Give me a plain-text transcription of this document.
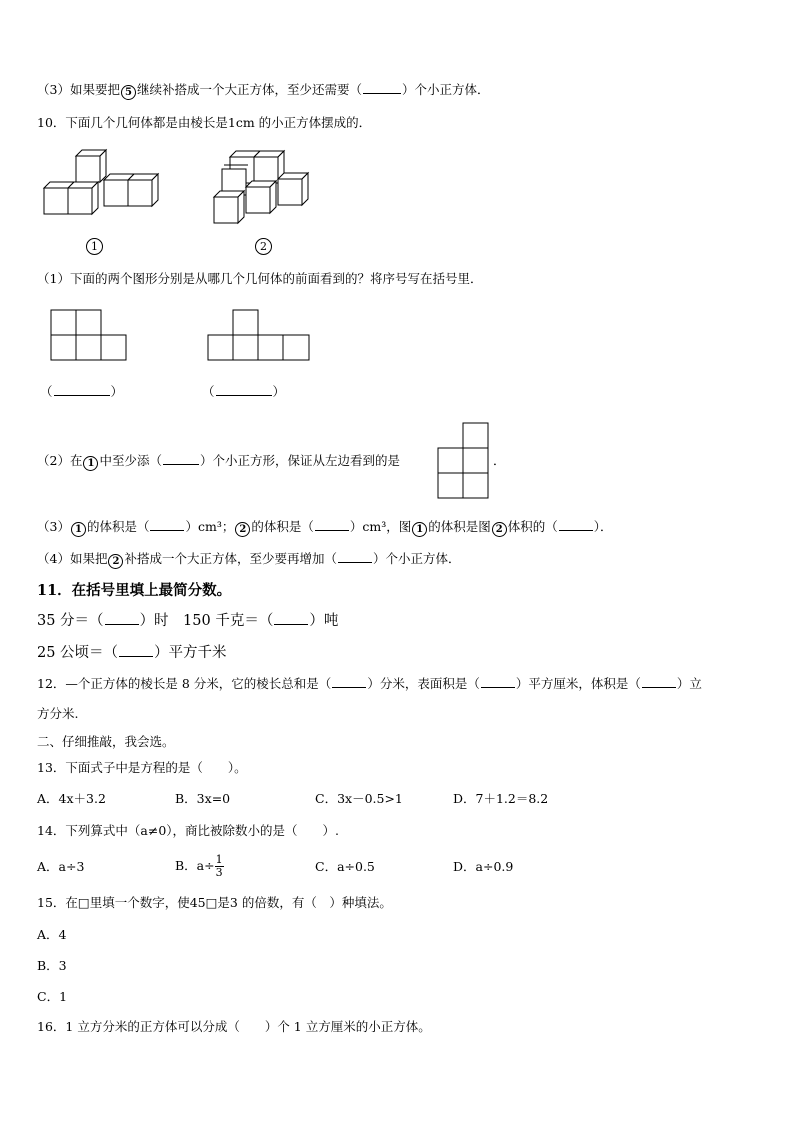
（3）如果要把 5 继续补搭成一个大正方体，至少还需要（	）个小正方体．
10．下面几个几何体都是由棱长是1cm 的小正方体摆成的．
1	2
（1）下面的两个图形分别是从哪几个几何体的前面看到的？将序号写在括号里．
（	）	（	）
（2）在 1 中至少添（	）个小正方形，保证从左边看到的是	．
（3） 1 的体积是（	）cm³； 2 的体积是（	）cm³，图 1 的体积是图 2 体积的（	）．
（4）如果把 2 补搭成一个大正方体，至少要再增加（	）个小正方体．
11．在括号里填上最简分数。
35 分＝（ ）时　150 千克＝（ ）吨
25 公顷＝（ ）平方千米
12．—个正方体的棱长是 8 分米，它的棱长总和是（	）分米，表面积是（	）平方厘米，体积是（	）立
方分米.
二、仔细推敲，我会选。
13．下面式子中是方程的是（　　）。
A．4x＋3.2	B．3x=0	C．3x－0.5>1	D．7＋1.2＝8.2
14．下列算式中（a≠0），商比被除数小的是（　　）.
A．a÷3	B．$a\div \frac{1}{3}$	C．a÷0.5	D．a÷0.9
15．在□里填一个数字，使45□是3 的倍数，有（　）种填法。
A．4
B．3
C．1
16．1 立方分米的正方体可以分成（　　）个 1 立方厘米的小正方体。
